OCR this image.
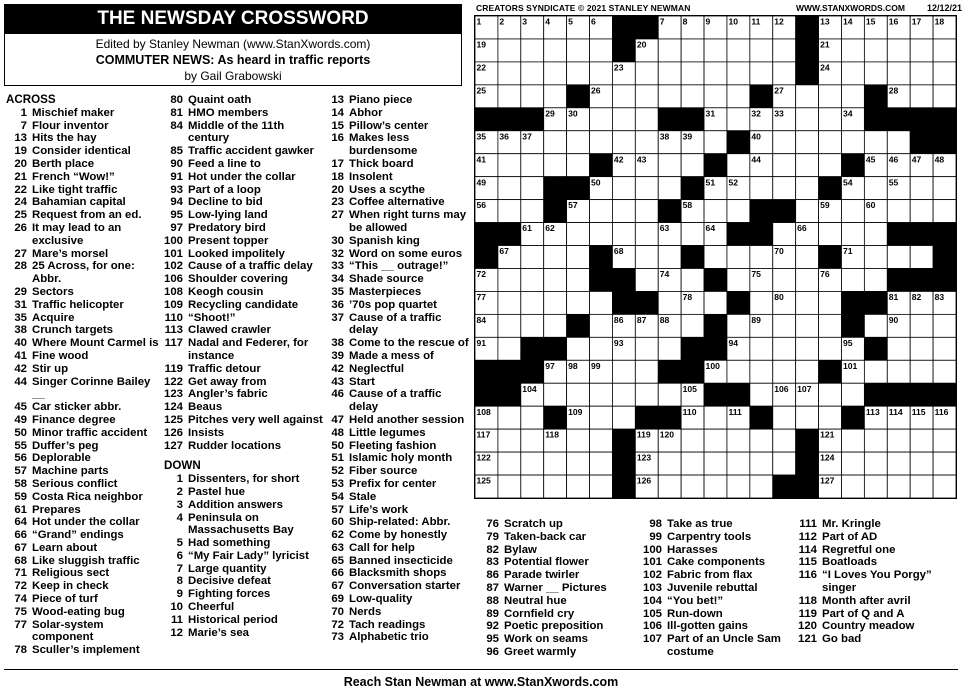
THE NEWSDAY CROSSWORD
Edited by Stanley Newman (www.StanXwords.com)
COMMUTER NEWS: As heard in traffic reports
by Gail Grabowski
CREATORS SYNDICATE © 2021 STANLEY NEWMAN	WWW.STANXWORDS.COM 12/12/21
1 2 3 4 5 6	7 8 9 10 11 12	13 14 15 16 17 18
19	20	21
22	23	24
25	26	27	28
29 30	31	32 33	34
35 36 37	38 39	40
41	42 43	44	45 46 47 48
49	50	51 52	53 54	55
56	57	58	59	60
61 62	63	64	65	66
67	68	69	70	71
72	73	74	75	76
77	78	79	80	81 82 83
84	85	86 87 88	89	90
91	92	93	94	95 96
97 98 99	100	101
102 103 104	105	106 107
108	109	110	111 112	113 114 115 116
117	118	119 120	121
122	123	124
125	126	127
ACROSS
1 Mischief maker
7 Flour inventor
13 Hits the hay
19 Consider identical
20 Berth place
21 French “Wow!”
22 Like tight traffic
24 Bahamian capital
25 Request from an ed.
26 It may lead to an exclusive
27 Mare’s morsel
28 25 Across, for one: Abbr.
29 Sectors
31 Traffic helicopter
35 Acquire
38 Crunch targets
40 Where Mount Carmel is
41 Fine wood
42 Stir up
44 Singer Corinne Bailey __
45 Car sticker abbr.
49 Finance degree
50 Minor traffic accident
55 Duffer’s peg
56 Deplorable
57 Machine parts
58 Serious conflict
59 Costa Rica neighbor
61 Prepares
64 Hot under the collar
66 “Grand” endings
67 Learn about
68 Like sluggish traffic
71 Religious sect
72 Keep in check
74 Piece of turf
75 Wood-eating bug
77 Solar-system component
78 Sculler’s implement
80 Quaint oath
81 HMO members
84 Middle of the 11th century
85 Traffic accident gawker
90 Feed a line to
91 Hot under the collar
93 Part of a loop
94 Decline to bid
95 Low-lying land
97 Predatory bird
100 Present topper
101 Looked impolitely
102 Cause of a traffic delay
106 Shoulder covering
108 Keogh cousin
109 Recycling candidate
110 “Shoot!”
113 Clawed crawler
117 Nadal and Federer, for instance
119 Traffic detour
122 Get away from
123 Angler’s fabric
124 Beaus
125 Pitches very well against
126 Insists
127 Rudder locations
DOWN
1 Dissenters, for short
2 Pastel hue
3 Addition answers
4 Peninsula on Massachusetts Bay
5 Had something
6 “My Fair Lady” lyricist
7 Large quantity
8 Decisive defeat
9 Fighting forces
10 Cheerful
11 Historical period
12 Marie’s sea
13 Piano piece
14 Abhor
15 Pillow’s center
16 Makes less burdensome
17 Thick board
18 Insolent
20 Uses a scythe
23 Coffee alternative
27 When right turns may be allowed
30 Spanish king
32 Word on some euros
33 “This __ outrage!”
34 Shade source
35 Masterpieces
36 ’70s pop quartet
37 Cause of a traffic delay
38 Come to the rescue of
39 Made a mess of
42 Neglectful
43 Start
46 Cause of a traffic delay
47 Held another session
48 Little legumes
50 Fleeting fashion
51 Islamic holy month
52 Fiber source
53 Prefix for center
54 Stale
57 Life’s work
60 Ship-related: Abbr.
62 Come by honestly
63 Call for help
65 Banned insecticide
66 Blacksmith shops
67 Conversation starter
69 Low-quality
70 Nerds
72 Tach readings
73 Alphabetic trio
76 Scratch up
79 Taken-back car
82 Bylaw
83 Potential flower
86 Parade twirler
87 Warner __ Pictures
88 Neutral hue
89 Cornfield cry
92 Poetic preposition
95 Work on seams
96 Greet warmly
98 Take as true
99 Carpentry tools
100 Harasses
101 Cake components
102 Fabric from flax
103 Juvenile rebuttal
104 “You bet!”
105 Run-down
106 Ill-gotten gains
107 Part of an Uncle Sam costume
111 Mr. Kringle
112 Part of AD
114 Regretful one
115 Boatloads
116 “I Loves You Porgy” singer
118 Month after avril
119 Part of Q and A
120 Country meadow
121 Go bad
Reach Stan Newman at www.StanXwords.com
